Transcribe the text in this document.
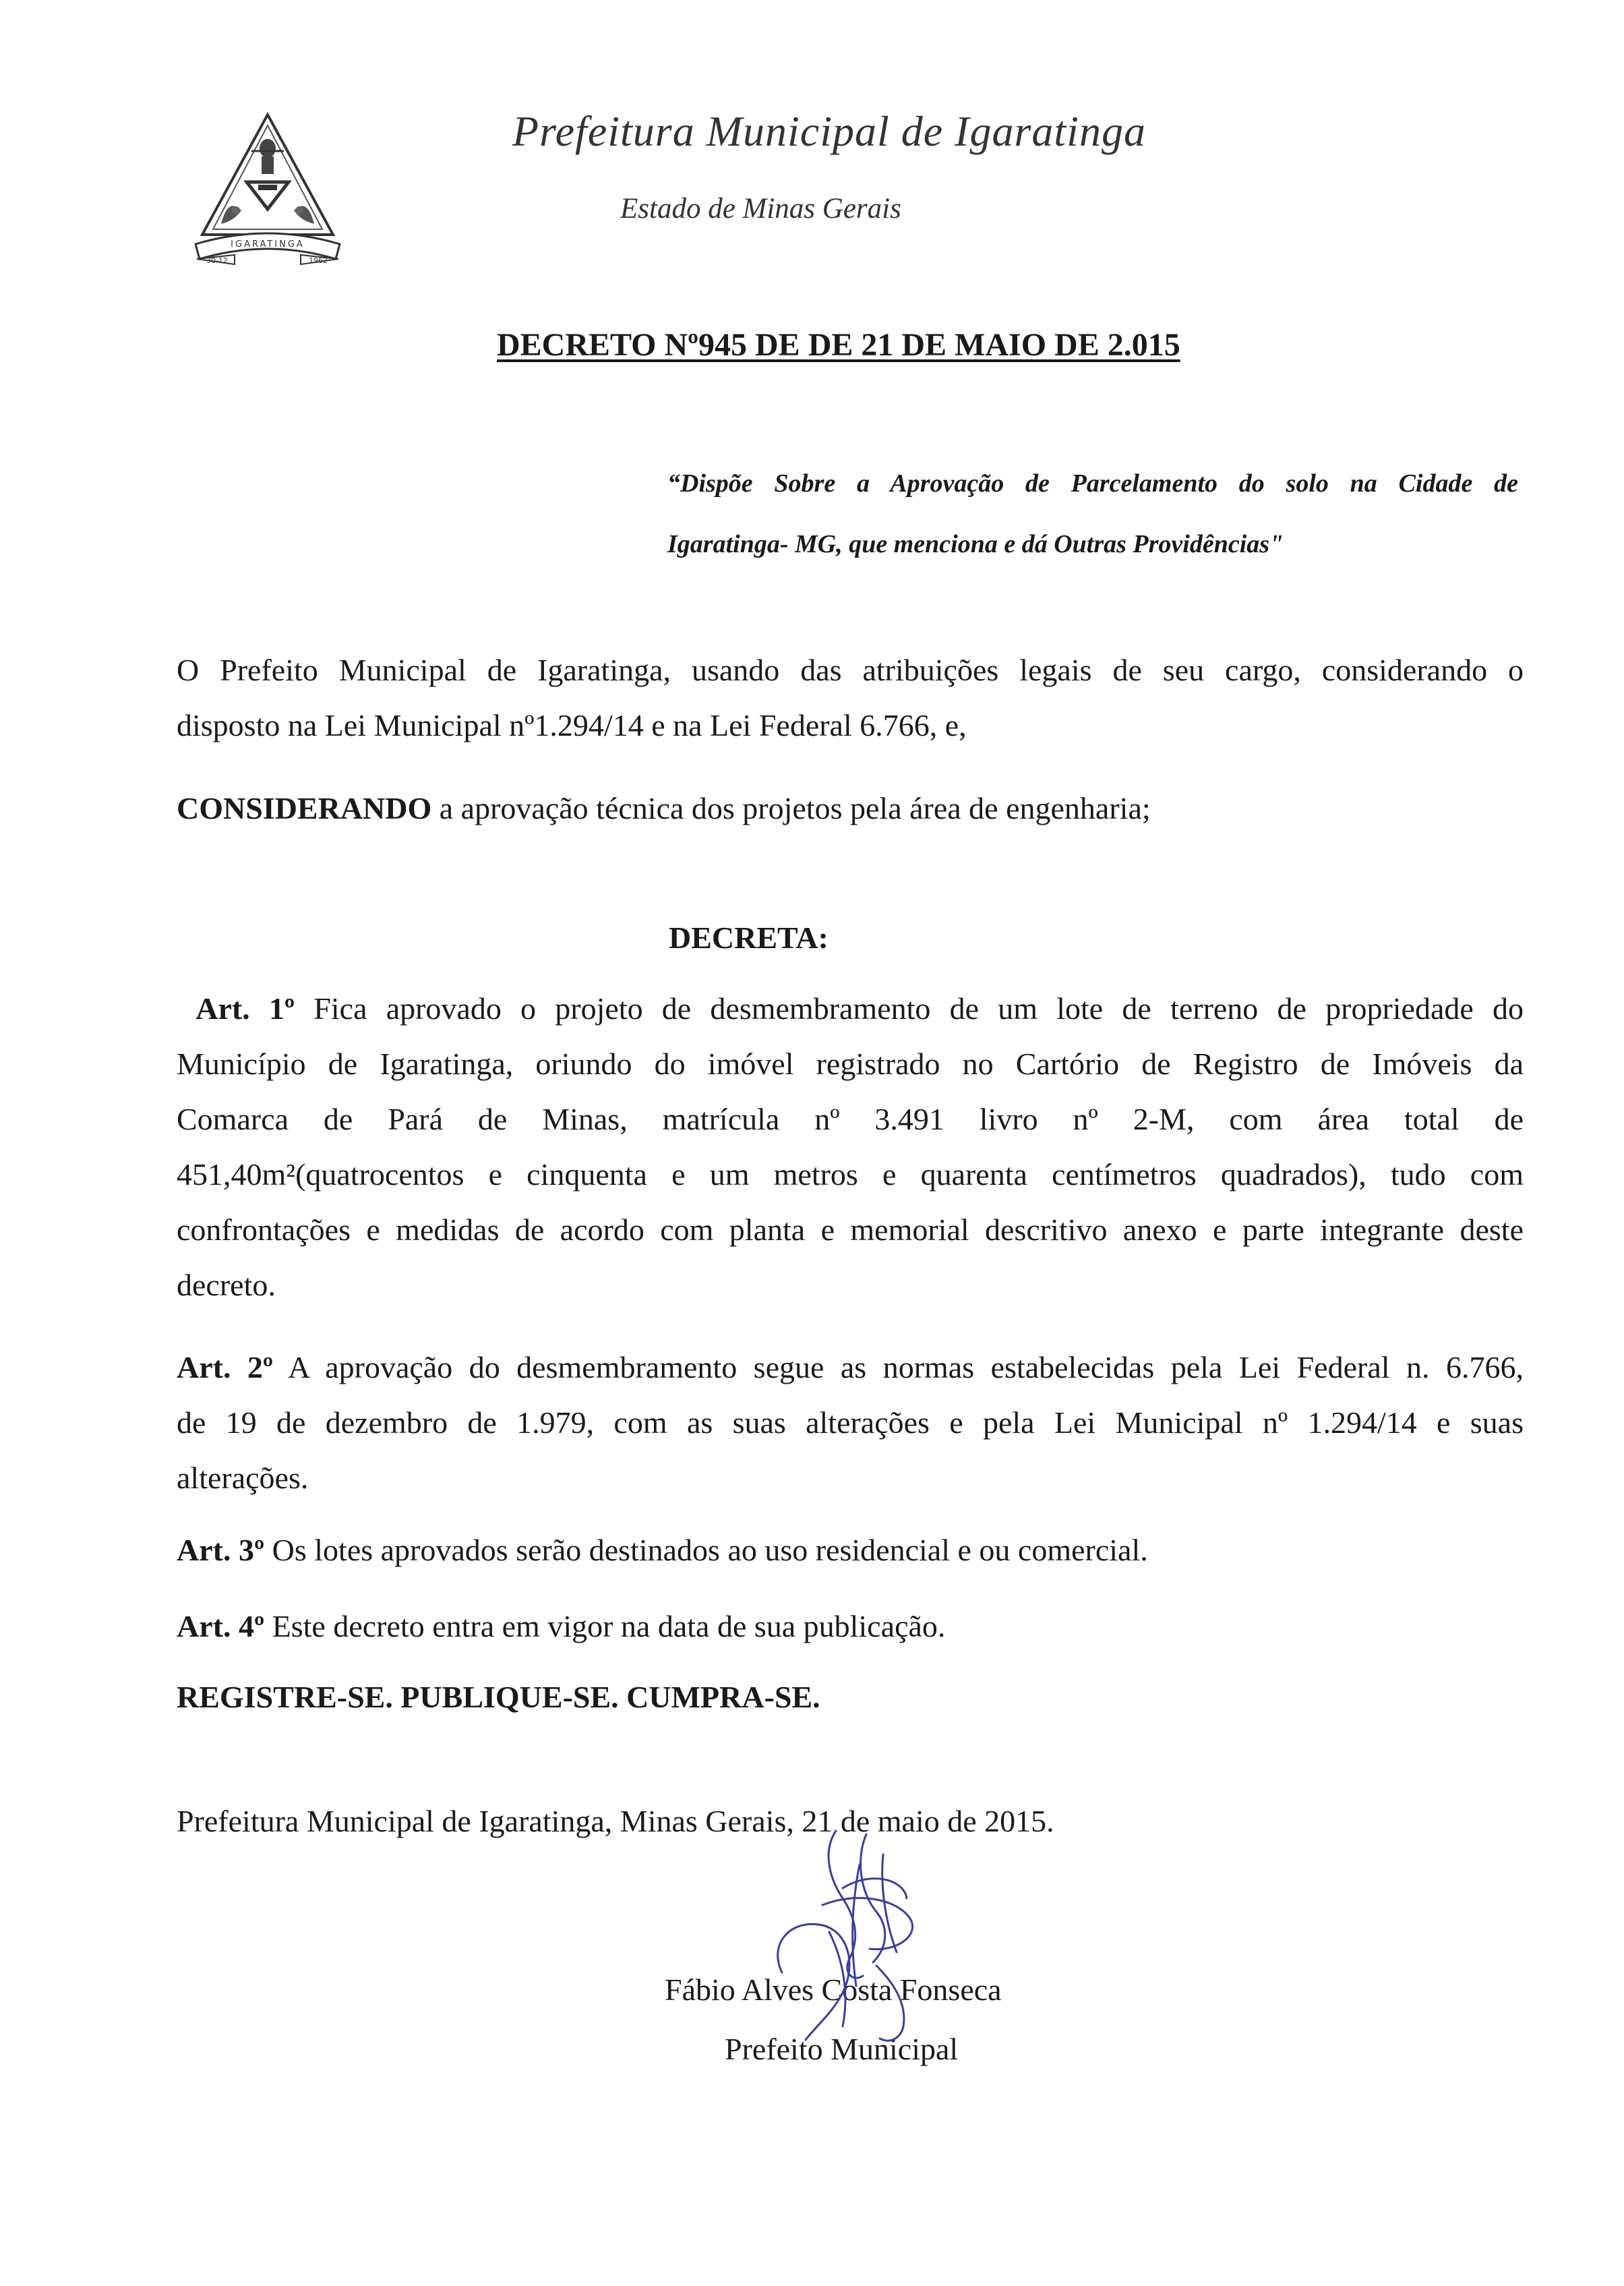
IGARATINGA
30-12	1962
Prefeitura Municipal de Igaratinga
Estado de Minas Gerais
DECRETO Nº945 DE DE 21 DE MAIO DE 2.015
“Dispõe Sobre a Aprovação de Parcelamento do solo na Cidade de
Igaratinga- MG, que menciona e dá Outras Providências"
O Prefeito Municipal de Igaratinga, usando das atribuições legais de seu cargo, considerando o
disposto na Lei Municipal nº1.294/14 e na Lei Federal 6.766, e,
CONSIDERANDO a aprovação técnica dos projetos pela área de engenharia;
DECRETA:
Art. 1º Fica aprovado o projeto de desmembramento de um lote de terreno de propriedade do
Município de Igaratinga, oriundo do imóvel registrado no Cartório de Registro de Imóveis da
Comarca de Pará de Minas, matrícula nº 3.491 livro nº 2-M, com área total de
451,40m²(quatrocentos e cinquenta e um metros e quarenta centímetros quadrados), tudo com
confrontações e medidas de acordo com planta e memorial descritivo anexo e parte integrante deste
decreto.
Art. 2º A aprovação do desmembramento segue as normas estabelecidas pela Lei Federal n. 6.766,
de 19 de dezembro de 1.979, com as suas alterações e pela Lei Municipal nº 1.294/14 e suas
alterações.
Art. 3º Os lotes aprovados serão destinados ao uso residencial e ou comercial.
Art. 4º Este decreto entra em vigor na data de sua publicação.
REGISTRE-SE. PUBLIQUE-SE. CUMPRA-SE.
Prefeitura Municipal de Igaratinga, Minas Gerais, 21 de maio de 2015.
Fábio Alves Costa Fonseca
Prefeito Municipal
